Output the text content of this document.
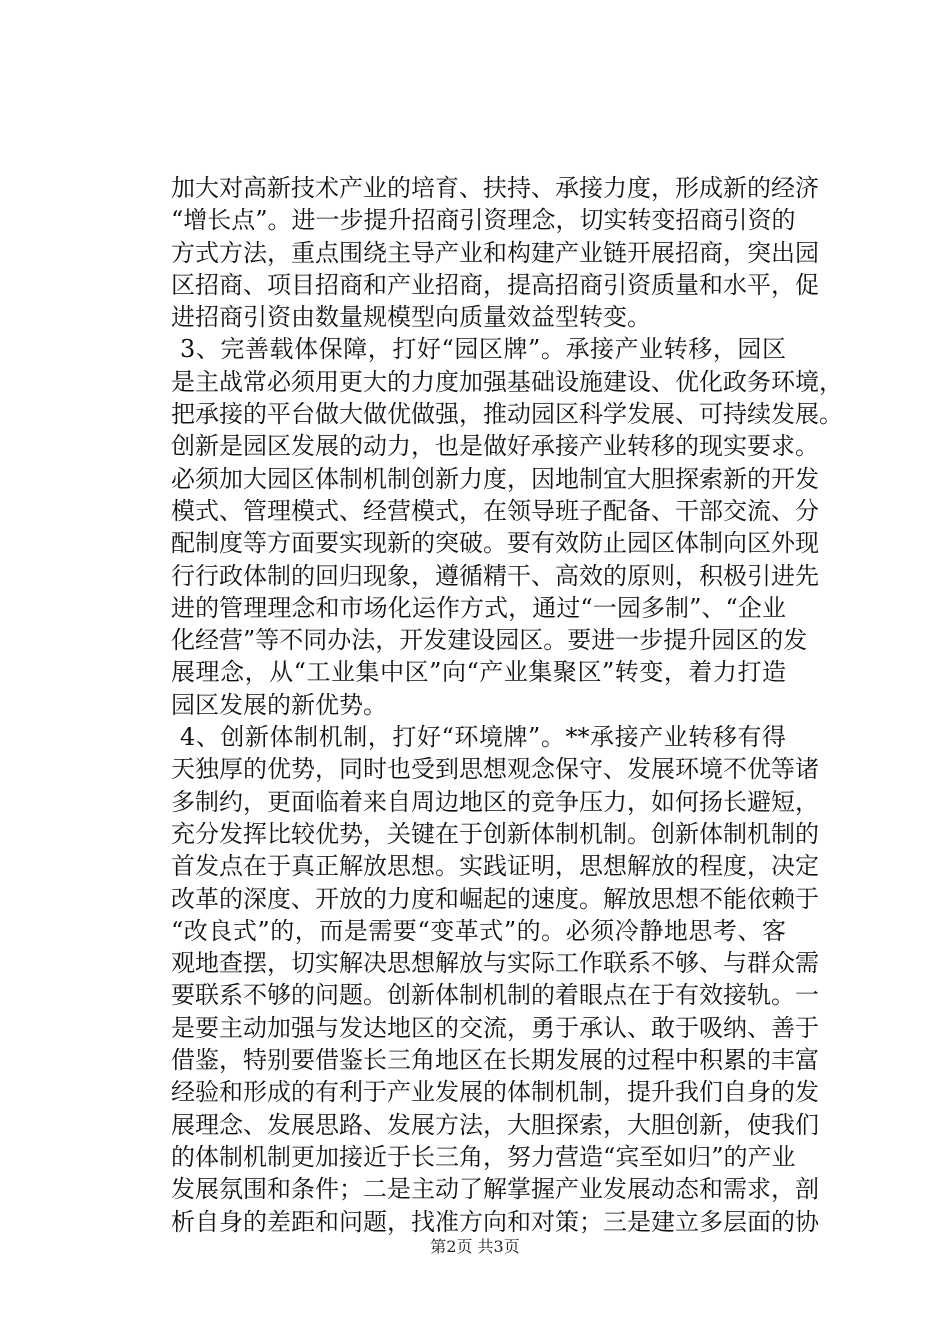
加大对高新技术产业的培育、扶持、承接力度，形成新的经济
“增长点”。进一步提升招商引资理念，切实转变招商引资的
方式方法，重点围绕主导产业和构建产业链开展招商，突出园
区招商、项目招商和产业招商，提高招商引资质量和水平，促
进招商引资由数量规模型向质量效益型转变。
3、完善载体保障，打好“园区牌”。承接产业转移，园区
是主战常必须用更大的力度加强基础设施建设、优化政务环境，
把承接的平台做大做优做强，推动园区科学发展、可持续发展。
创新是园区发展的动力，也是做好承接产业转移的现实要求。
必须加大园区体制机制创新力度，因地制宜大胆探索新的开发
模式、管理模式、经营模式，在领导班子配备、干部交流、分
配制度等方面要实现新的突破。要有效防止园区体制向区外现
行行政体制的回归现象，遵循精干、高效的原则，积极引进先
进的管理理念和市场化运作方式，通过“一园多制”、“企业
化经营”等不同办法，开发建设园区。要进一步提升园区的发
展理念，从“工业集中区”向“产业集聚区”转变，着力打造
园区发展的新优势。
4、创新体制机制，打好“环境牌”。**承接产业转移有得
天独厚的优势，同时也受到思想观念保守、发展环境不优等诸
多制约，更面临着来自周边地区的竞争压力，如何扬长避短，
充分发挥比较优势，关键在于创新体制机制。创新体制机制的
首发点在于真正解放思想。实践证明，思想解放的程度，决定
改革的深度、开放的力度和崛起的速度。解放思想不能依赖于
“改良式”的，而是需要“变革式”的。必须冷静地思考、客
观地查摆，切实解决思想解放与实际工作联系不够、与群众需
要联系不够的问题。创新体制机制的着眼点在于有效接轨。一
是要主动加强与发达地区的交流，勇于承认、敢于吸纳、善于
借鉴，特别要借鉴长三角地区在长期发展的过程中积累的丰富
经验和形成的有利于产业发展的体制机制，提升我们自身的发
展理念、发展思路、发展方法，大胆探索，大胆创新，使我们
的体制机制更加接近于长三角，努力营造“宾至如归”的产业
发展氛围和条件；二是主动了解掌握产业发展动态和需求，剖
析自身的差距和问题，找准方向和对策；三是建立多层面的协
第2页 共3页
